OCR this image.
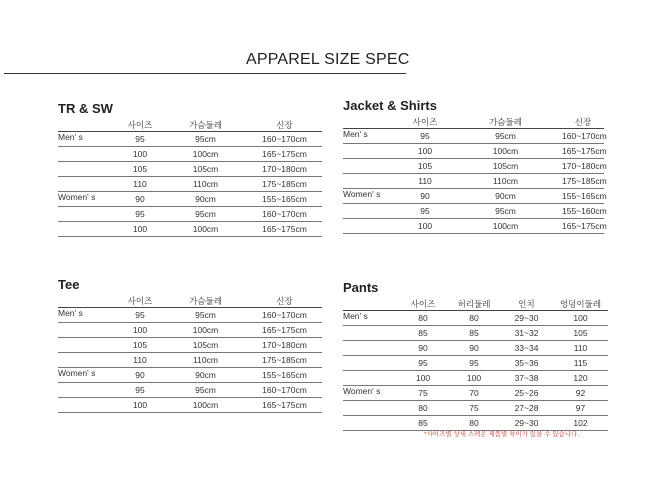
APPAREL SIZE SPEC
TR & SW
	사이즈	가슴둘레	신장
Men' s	95	95cm	160~170cm
	100	100cm	165~175cm
	105	105cm	170~180cm
	110	110cm	175~185cm
Women' s	90	90cm	155~165cm
	95	95cm	160~170cm
	100	100cm	165~175cm
Jacket & Shirts
	사이즈	가슴둘레	신장
Men' s	95	95cm	160~170cm
	100	100cm	165~175cm
	105	105cm	170~180cm
	110	110cm	175~185cm
Women' s	90	90cm	155~165cm
	95	95cm	155~160cm
	100	100cm	165~175cm
Tee
	사이즈	가슴둘레	신장
Men' s	95	95cm	160~170cm
	100	100cm	165~175cm
	105	105cm	170~180cm
	110	110cm	175~185cm
Women' s	90	90cm	155~165cm
	95	95cm	160~170cm
	100	100cm	165~175cm
Pants
	사이즈	허리둘레	인치	엉덩이둘레
Men' s	80	80	29~30	100
	85	85	31~32	105
	90	90	33~34	110
	95	95	35~36	115
	100	100	37~38	120
Women' s	75	70	25~26	92
	80	75	27~28	97
	85	80	29~30	102
*사이즈별 상세 스펙은 제품별 차이가 있을 수 있습니다.
